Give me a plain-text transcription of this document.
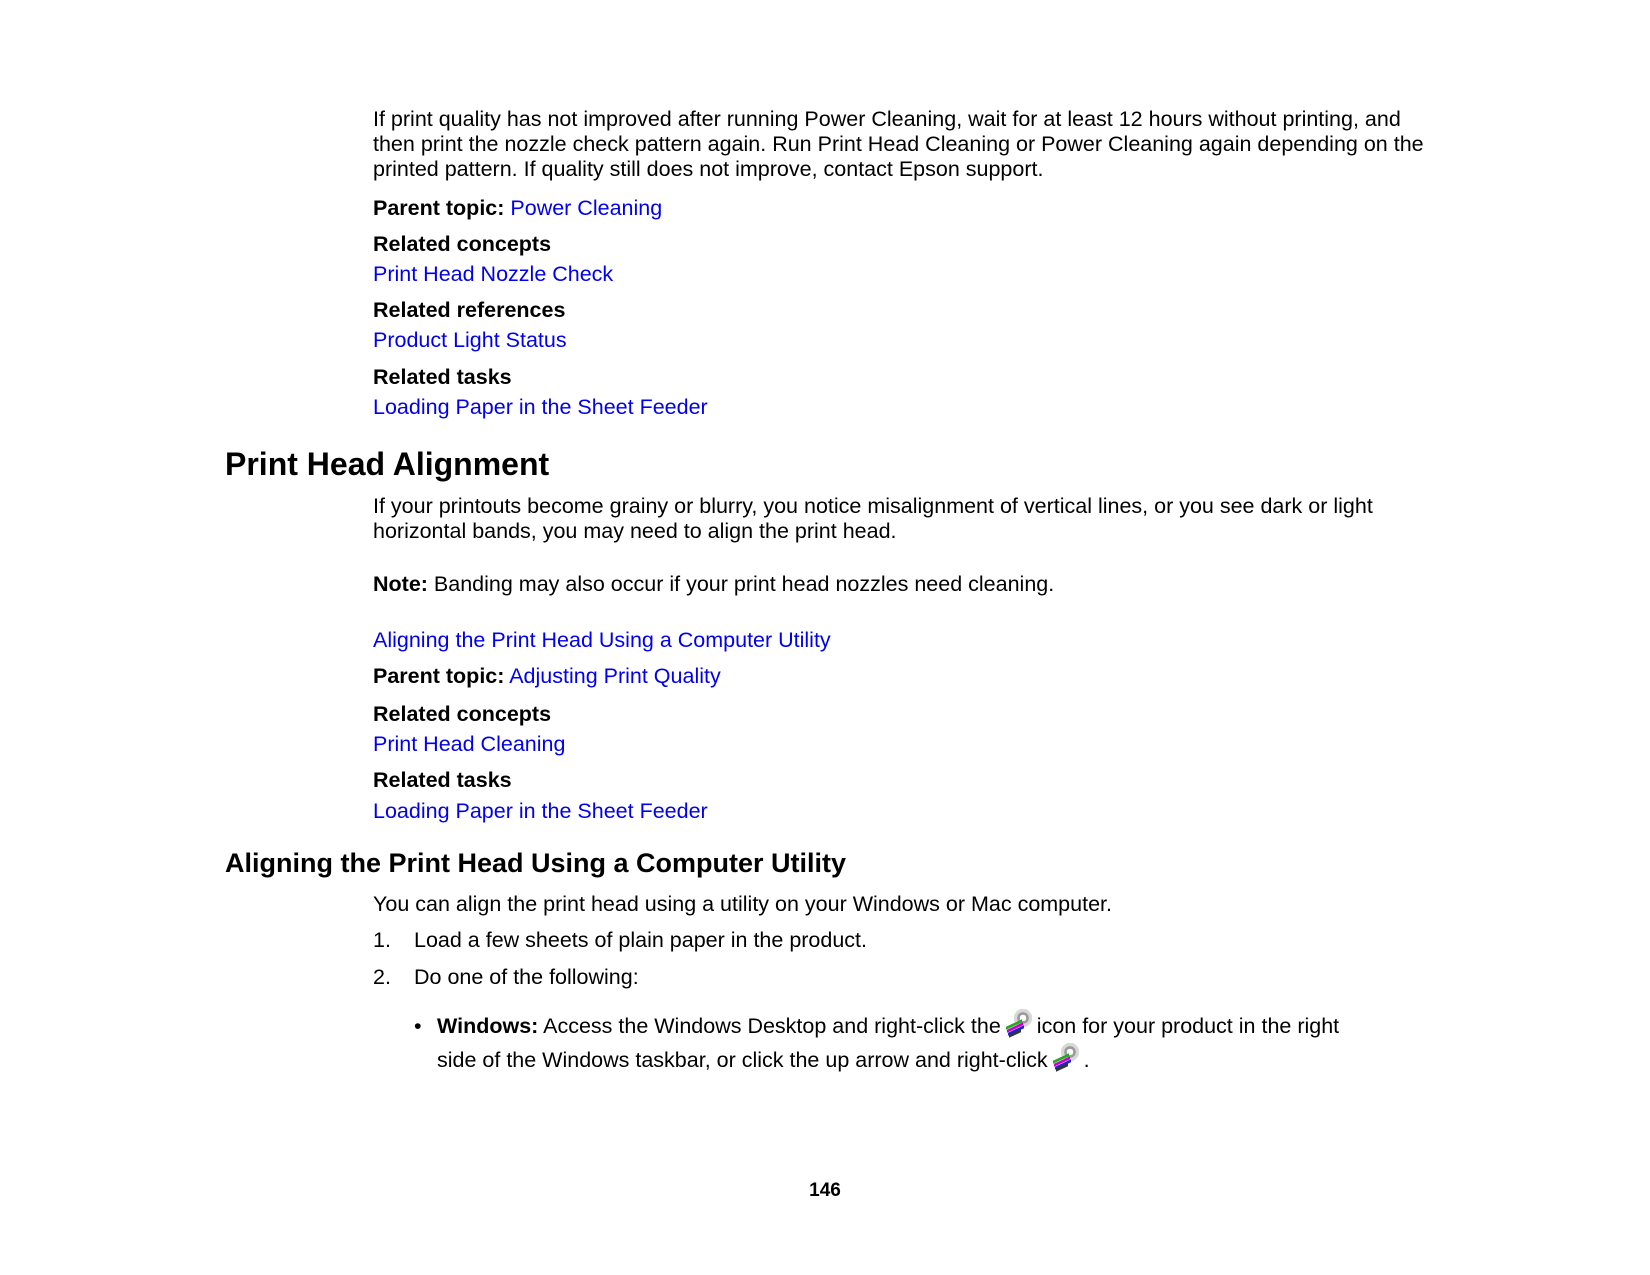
If print quality has not improved after running Power Cleaning, wait for at least 12 hours without printing, and then print the nozzle check pattern again. Run Print Head Cleaning or Power Cleaning again depending on the printed pattern. If quality still does not improve, contact Epson support.
Parent topic: Power Cleaning
Related concepts
Print Head Nozzle Check
Related references
Product Light Status
Related tasks
Loading Paper in the Sheet Feeder
Print Head Alignment
If your printouts become grainy or blurry, you notice misalignment of vertical lines, or you see dark or light horizontal bands, you may need to align the print head.
Note: Banding may also occur if your print head nozzles need cleaning.
Aligning the Print Head Using a Computer Utility
Parent topic: Adjusting Print Quality
Related concepts
Print Head Cleaning
Related tasks
Loading Paper in the Sheet Feeder
Aligning the Print Head Using a Computer Utility
You can align the print head using a utility on your Windows or Mac computer.
1. Load a few sheets of plain paper in the product.
2. Do one of the following:
• Windows: Access the Windows Desktop and right-click the icon for your product in the right
side of the Windows taskbar, or click the up arrow and right-click .
146
